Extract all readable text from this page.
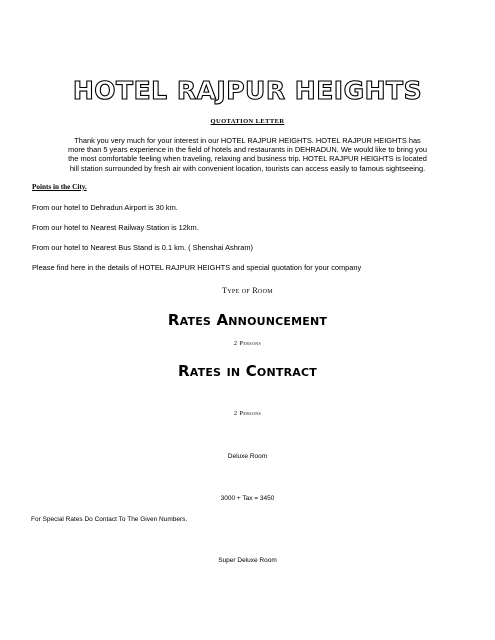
HOTEL RAJPUR HEIGHTS
QUOTATION LETTER
Thank you very much for your interest in our HOTEL RAJPUR HEIGHTS. HOTEL RAJPUR HEIGHTS has
more than 5 years experience in the field of hotels and restaurants in DEHRADUN. We would like to bring you
the most comfortable feeling when traveling, relaxing and business trip. HOTEL RAJPUR HEIGHTS is located
hill station surrounded by fresh air with convenient location, tourists can access easily to famous sightseeing.
Points in the City.
From our hotel to Dehradun Airport is 30 km.
From our hotel to Nearest Railway Station is 12km.
From our hotel to Nearest Bus Stand is 0.1 km. ( Shenshai Ashram)
Please find here in the details of HOTEL RAJPUR HEIGHTS and special quotation for your company
Type of Room
Rates Announcement
2 Persons
Rates in Contract
2 Persons
Deluxe Room
3000 + Tax = 3450
For Special Rates Do Contact To The Given Numbers.
Super Deluxe Room
